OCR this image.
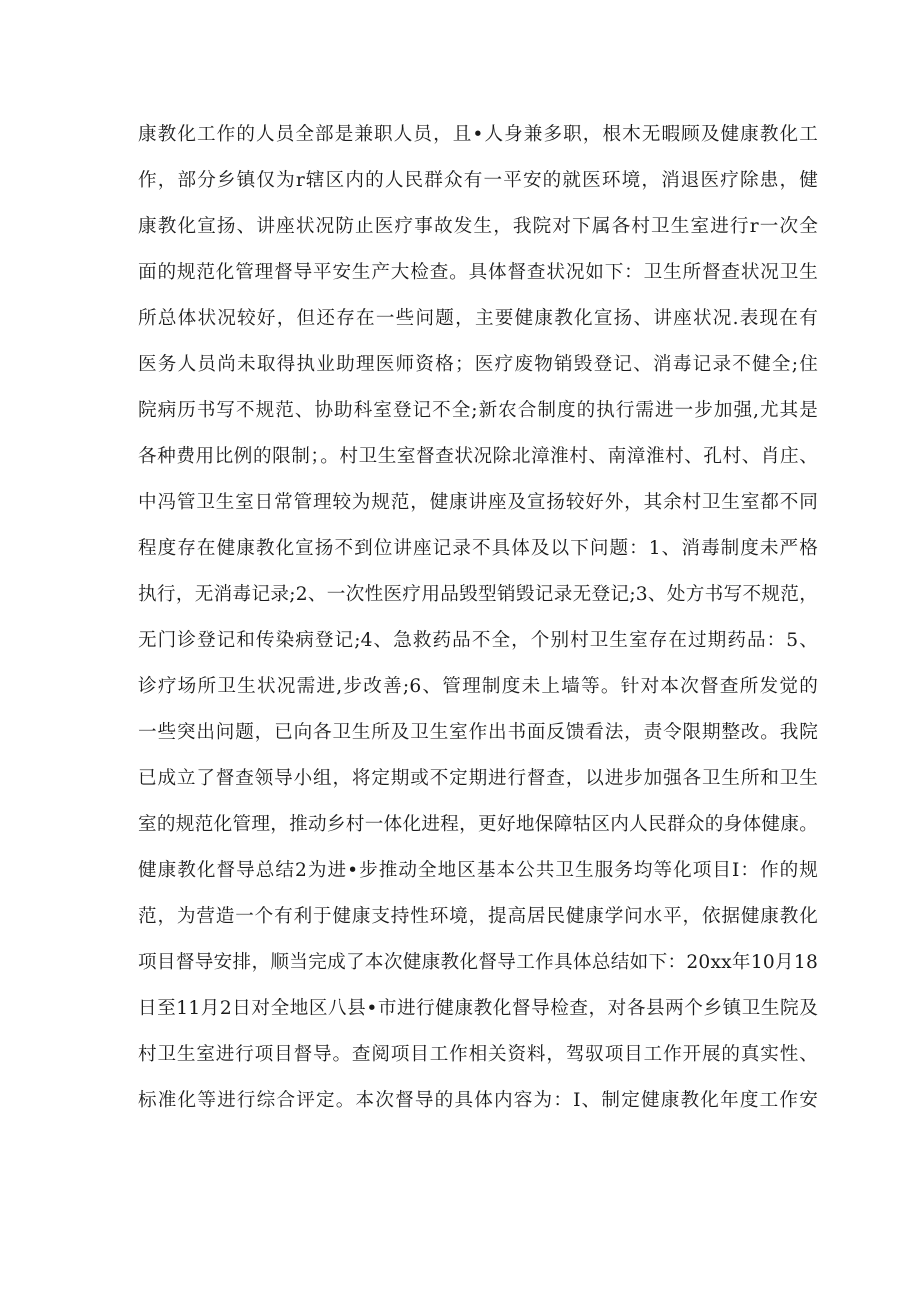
康教化工作的人员全部是兼职人员，且•人身兼多职，根木无暇顾及健康教化工
作，部分乡镇仅为r辖区内的人民群众有一平安的就医环境，消退医疗除患，健
康教化宣扬、讲座状况防止医疗事故发生，我院对下属各村卫生室进行r一次全
面的规范化管理督导平安生产大检查。具体督查状况如下：卫生所督查状况卫生
所总体状况较好，但还存在一些问题，主要健康教化宣扬、讲座状况.表现在有
医务人员尚未取得执业助理医师资格；医疗废物销毁登记、消毒记录不健全;住
院病历书写不规范、协助科室登记不全;新农合制度的执行需进一步加强,尤其是
各种费用比例的限制；。村卫生室督查状况除北漳淮村、南漳淮村、孔村、肖庄、
中冯管卫生室日常管理较为规范，健康讲座及宣扬较好外，其余村卫生室都不同
程度存在健康教化宣扬不到位讲座记录不具体及以下问题：1、消毒制度未严格
执行，无消毒记录;2、一次性医疗用品毁型销毁记录无登记;3、处方书写不规范，
无门诊登记和传染病登记;4、急救药品不全，个别村卫生室存在过期药品：5、
诊疗场所卫生状况需进,步改善;6、管理制度未上墙等。针对本次督查所发觉的
一些突出问题，已向各卫生所及卫生室作出书面反馈看法，责令限期整改。我院
已成立了督查领导小组，将定期或不定期进行督查，以进步加强各卫生所和卫生
室的规范化管理，推动乡村一体化进程，更好地保障牯区内人民群众的身体健康。
健康教化督导总结2为进•步推动全地区基本公共卫生服务均等化项目I：作的规
范，为营造一个有利于健康支持性环境，提高居民健康学问水平，依据健康教化
项目督导安排，顺当完成了本次健康教化督导工作具体总结如下：20xx年10月18
日至11月2日对全地区八县•市进行健康教化督导检查，对各县两个乡镇卫生院及
村卫生室进行项目督导。查阅项目工作相关资料，驾驭项目工作开展的真实性、
标准化等进行综合评定。本次督导的具体内容为：I、制定健康教化年度工作安
